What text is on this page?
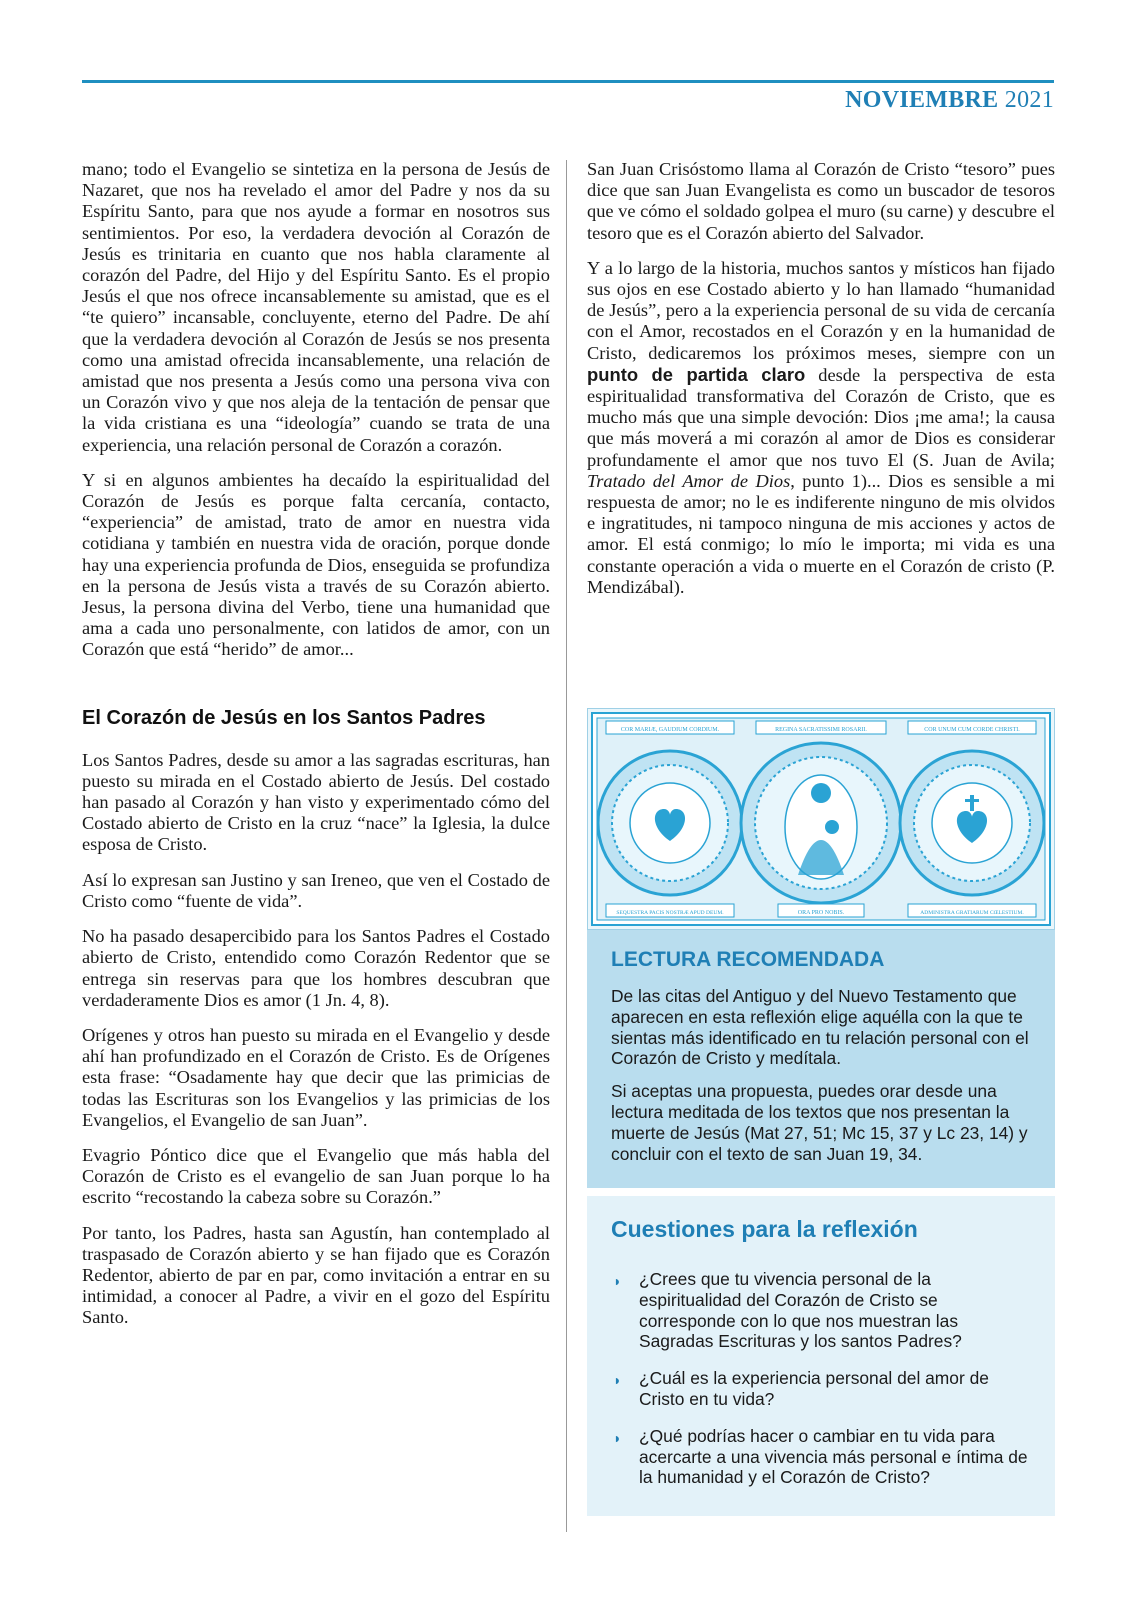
NOVIEMBRE 2021

mano; todo el Evangelio se sintetiza en la persona de Jesús de Nazaret, que nos ha revelado el amor del Padre y nos da su Espíritu Santo, para que nos ayude a formar en nosotros sus sentimientos. Por eso, la verdadera devoción al Corazón de Jesús es trinitaria en cuanto que nos habla claramente al corazón del Padre, del Hijo y del Espíritu Santo. Es el propio Jesús el que nos ofrece incansablemente su amistad, que es el “te quiero” incansable, concluyente, eterno del Padre. De ahí que la verdadera devoción al Corazón de Jesús se nos presenta como una amistad ofrecida incansablemente, una relación de amistad que nos presenta a Jesús como una persona viva con un Corazón vivo y que nos aleja de la tentación de pensar que la vida cristiana es una “ideología” cuando se trata de una experiencia, una relación personal de Corazón a corazón.

Y si en algunos ambientes ha decaído la espiritualidad del Corazón de Jesús es porque falta cercanía, contacto, “experiencia” de amistad, trato de amor en nuestra vida cotidiana y también en nuestra vida de oración, porque donde hay una experiencia profunda de Dios, enseguida se profundiza en la persona de Jesús vista a través de su Corazón abierto. Jesus, la persona divina del Verbo, tiene una humanidad que ama a cada uno personalmente, con latidos de amor, con un Corazón que está “herido” de amor...

El Corazón de Jesús en los Santos Padres

Los Santos Padres, desde su amor a las sagradas escrituras, han puesto su mirada en el Costado abierto de Jesús. Del costado han pasado al Corazón y han visto y experimentado cómo del Costado abierto de Cristo en la cruz “nace” la Iglesia, la dulce esposa de Cristo.

Así lo expresan san Justino y san Ireneo, que ven el Costado de Cristo como “fuente de vida”.

No ha pasado desapercibido para los Santos Padres el Costado abierto de Cristo, entendido como Corazón Redentor que se entrega sin reservas para que los hombres descubran que verdaderamente Dios es amor (1 Jn. 4, 8).

Orígenes y otros han puesto su mirada en el Evangelio y desde ahí han profundizado en el Corazón de Cristo. Es de Orígenes esta frase: “Osadamente hay que decir que las primicias de todas las Escrituras son los Evangelios y las primicias de los Evangelios, el Evangelio de san Juan”.

Evagrio Póntico dice que el Evangelio que más habla del Corazón de Cristo es el evangelio de san Juan porque lo ha escrito “recostando la cabeza sobre su Corazón.”

Por tanto, los Padres, hasta san Agustín, han contemplado al traspasado de Corazón abierto y se han fijado que es Corazón Redentor, abierto de par en par, como invitación a entrar en su intimidad, a conocer al Padre, a vivir en el gozo del Espíritu Santo.

San Juan Crisóstomo llama al Corazón de Cristo “tesoro” pues dice que san Juan Evangelista es como un buscador de tesoros que ve cómo el soldado golpea el muro (su carne) y descubre el tesoro que es el Corazón abierto del Salvador.

Y a lo largo de la historia, muchos santos y místicos han fijado sus ojos en ese Costado abierto y lo han llamado “humanidad de Jesús”, pero a la experiencia personal de su vida de cercanía con el Amor, recostados en el Corazón y en la humanidad de Cristo, dedicaremos los próximos meses, siempre con un punto de partida claro desde la perspectiva de esta espiritualidad transformativa del Corazón de Cristo, que es mucho más que una simple devoción: Dios ¡me ama!; la causa que más moverá a mi corazón al amor de Dios es considerar profundamente el amor que nos tuvo El (S. Juan de Avila; Tratado del Amor de Dios, punto 1)... Dios es sensible a mi respuesta de amor; no le es indiferente ninguno de mis olvidos e ingratitudes, ni tampoco ninguna de mis acciones y actos de amor. El está conmigo; lo mío le importa; mi vida es una constante operación a vida o muerte en el Corazón de cristo (P. Mendizábal).

COR MARIÆ, GAUDIUM CORDIUM.	REGINA SACRATISSIMI ROSARII.	COR UNUM CUM CORDE CHRISTI.
SEQUESTRA PACIS NOSTRÆ APUD DEUM.	ORA PRO NOBIS.	ADMINISTRA GRATIARUM CŒLESTIUM.
LECTURA RECOMENDADA

De las citas del Antiguo y del Nuevo Testamento que aparecen en esta reflexión elige aquélla con la que te sientas más identificado en tu relación personal con el Corazón de Cristo y medítala.

Si aceptas una propuesta, puedes orar desde una lectura meditada de los textos que nos presentan la muerte de Jesús (Mat 27, 51; Mc 15, 37 y Lc 23, 14) y concluir con el texto de san Juan 19, 34.

Cuestiones para la reflexión
◗ ¿Crees que tu vivencia personal de la espiritualidad del Corazón de Cristo se corresponde con lo que nos muestran las Sagradas Escrituras y los santos Padres?
◗ ¿Cuál es la experiencia personal del amor de Cristo en tu vida?
◗ ¿Qué podrías hacer o cambiar en tu vida para acercarte a una vivencia más personal e íntima de la humanidad y el Corazón de Cristo?
